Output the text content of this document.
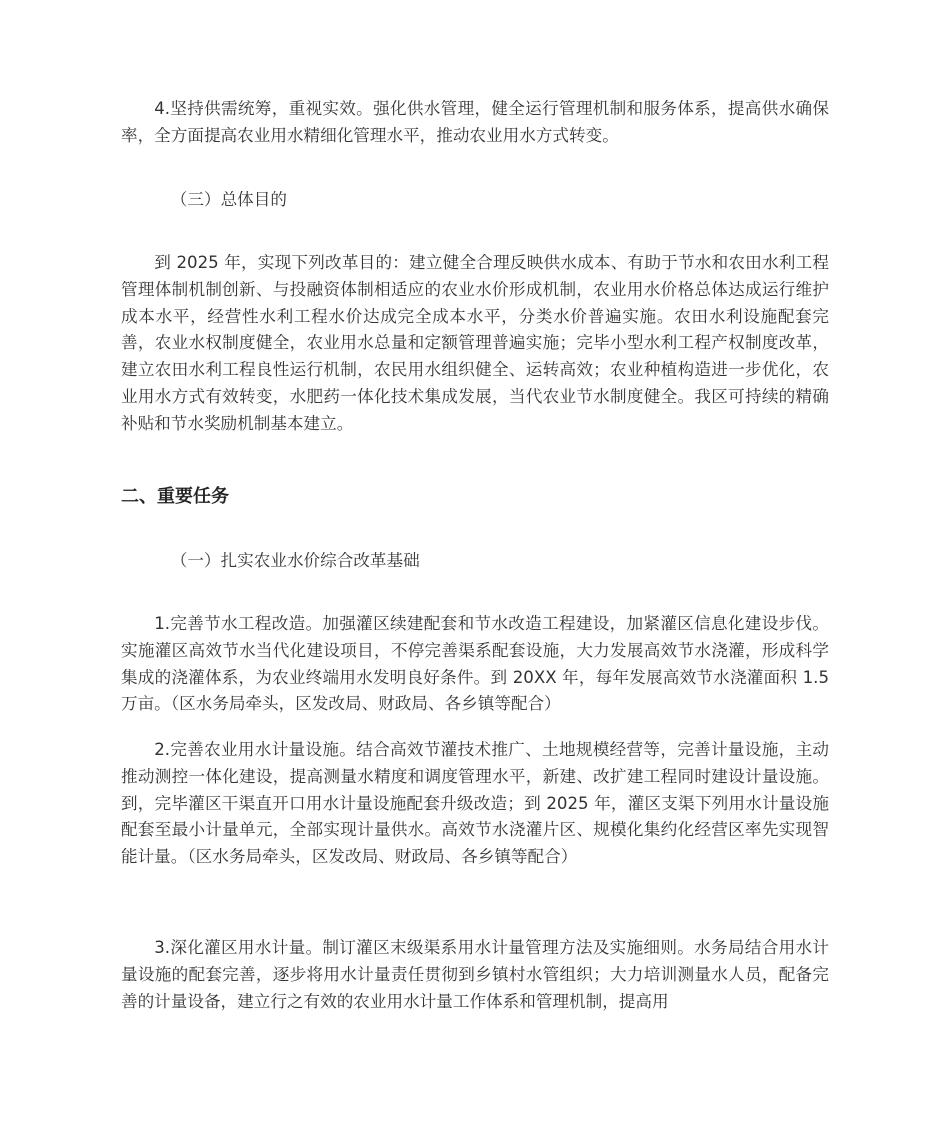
4.坚持供需统筹，重视实效。强化供水管理，健全运行管理机制和服务体系，提高供水确保率，全方面提高农业用水精细化管理水平，推动农业用水方式转变。

（三）总体目的

到 2025 年，实现下列改革目的：建立健全合理反映供水成本、有助于节水和农田水利工程管理体制机制创新、与投融资体制相适应的农业水价形成机制，农业用水价格总体达成运行维护成本水平，经营性水利工程水价达成完全成本水平，分类水价普遍实施。农田水利设施配套完善，农业水权制度健全，农业用水总量和定额管理普遍实施；完毕小型水利工程产权制度改革，建立农田水利工程良性运行机制，农民用水组织健全、运转高效；农业种植构造进一步优化，农业用水方式有效转变，水肥药一体化技术集成发展，当代农业节水制度健全。我区可持续的精确补贴和节水奖励机制基本建立。

二、重要任务

（一）扎实农业水价综合改革基础

1.完善节水工程改造。加强灌区续建配套和节水改造工程建设，加紧灌区信息化建设步伐。实施灌区高效节水当代化建设项目，不停完善渠系配套设施，大力发展高效节水浇灌，形成科学集成的浇灌体系，为农业终端用水发明良好条件。到 20XX 年，每年发展高效节水浇灌面积 1.5 万亩。（区水务局牵头，区发改局、财政局、各乡镇等配合）

2.完善农业用水计量设施。结合高效节灌技术推广、土地规模经营等，完善计量设施，主动推动测控一体化建设，提高测量水精度和调度管理水平，新建、改扩建工程同时建设计量设施。到，完毕灌区干渠直开口用水计量设施配套升级改造；到 2025 年，灌区支渠下列用水计量设施配套至最小计量单元，全部实现计量供水。高效节水浇灌片区、规模化集约化经营区率先实现智能计量。（区水务局牵头，区发改局、财政局、各乡镇等配合）

3.深化灌区用水计量。制订灌区末级渠系用水计量管理方法及实施细则。水务局结合用水计量设施的配套完善，逐步将用水计量责任贯彻到乡镇村水管组织；大力培训测量水人员，配备完善的计量设备，建立行之有效的农业用水计量工作体系和管理机制，提高用
